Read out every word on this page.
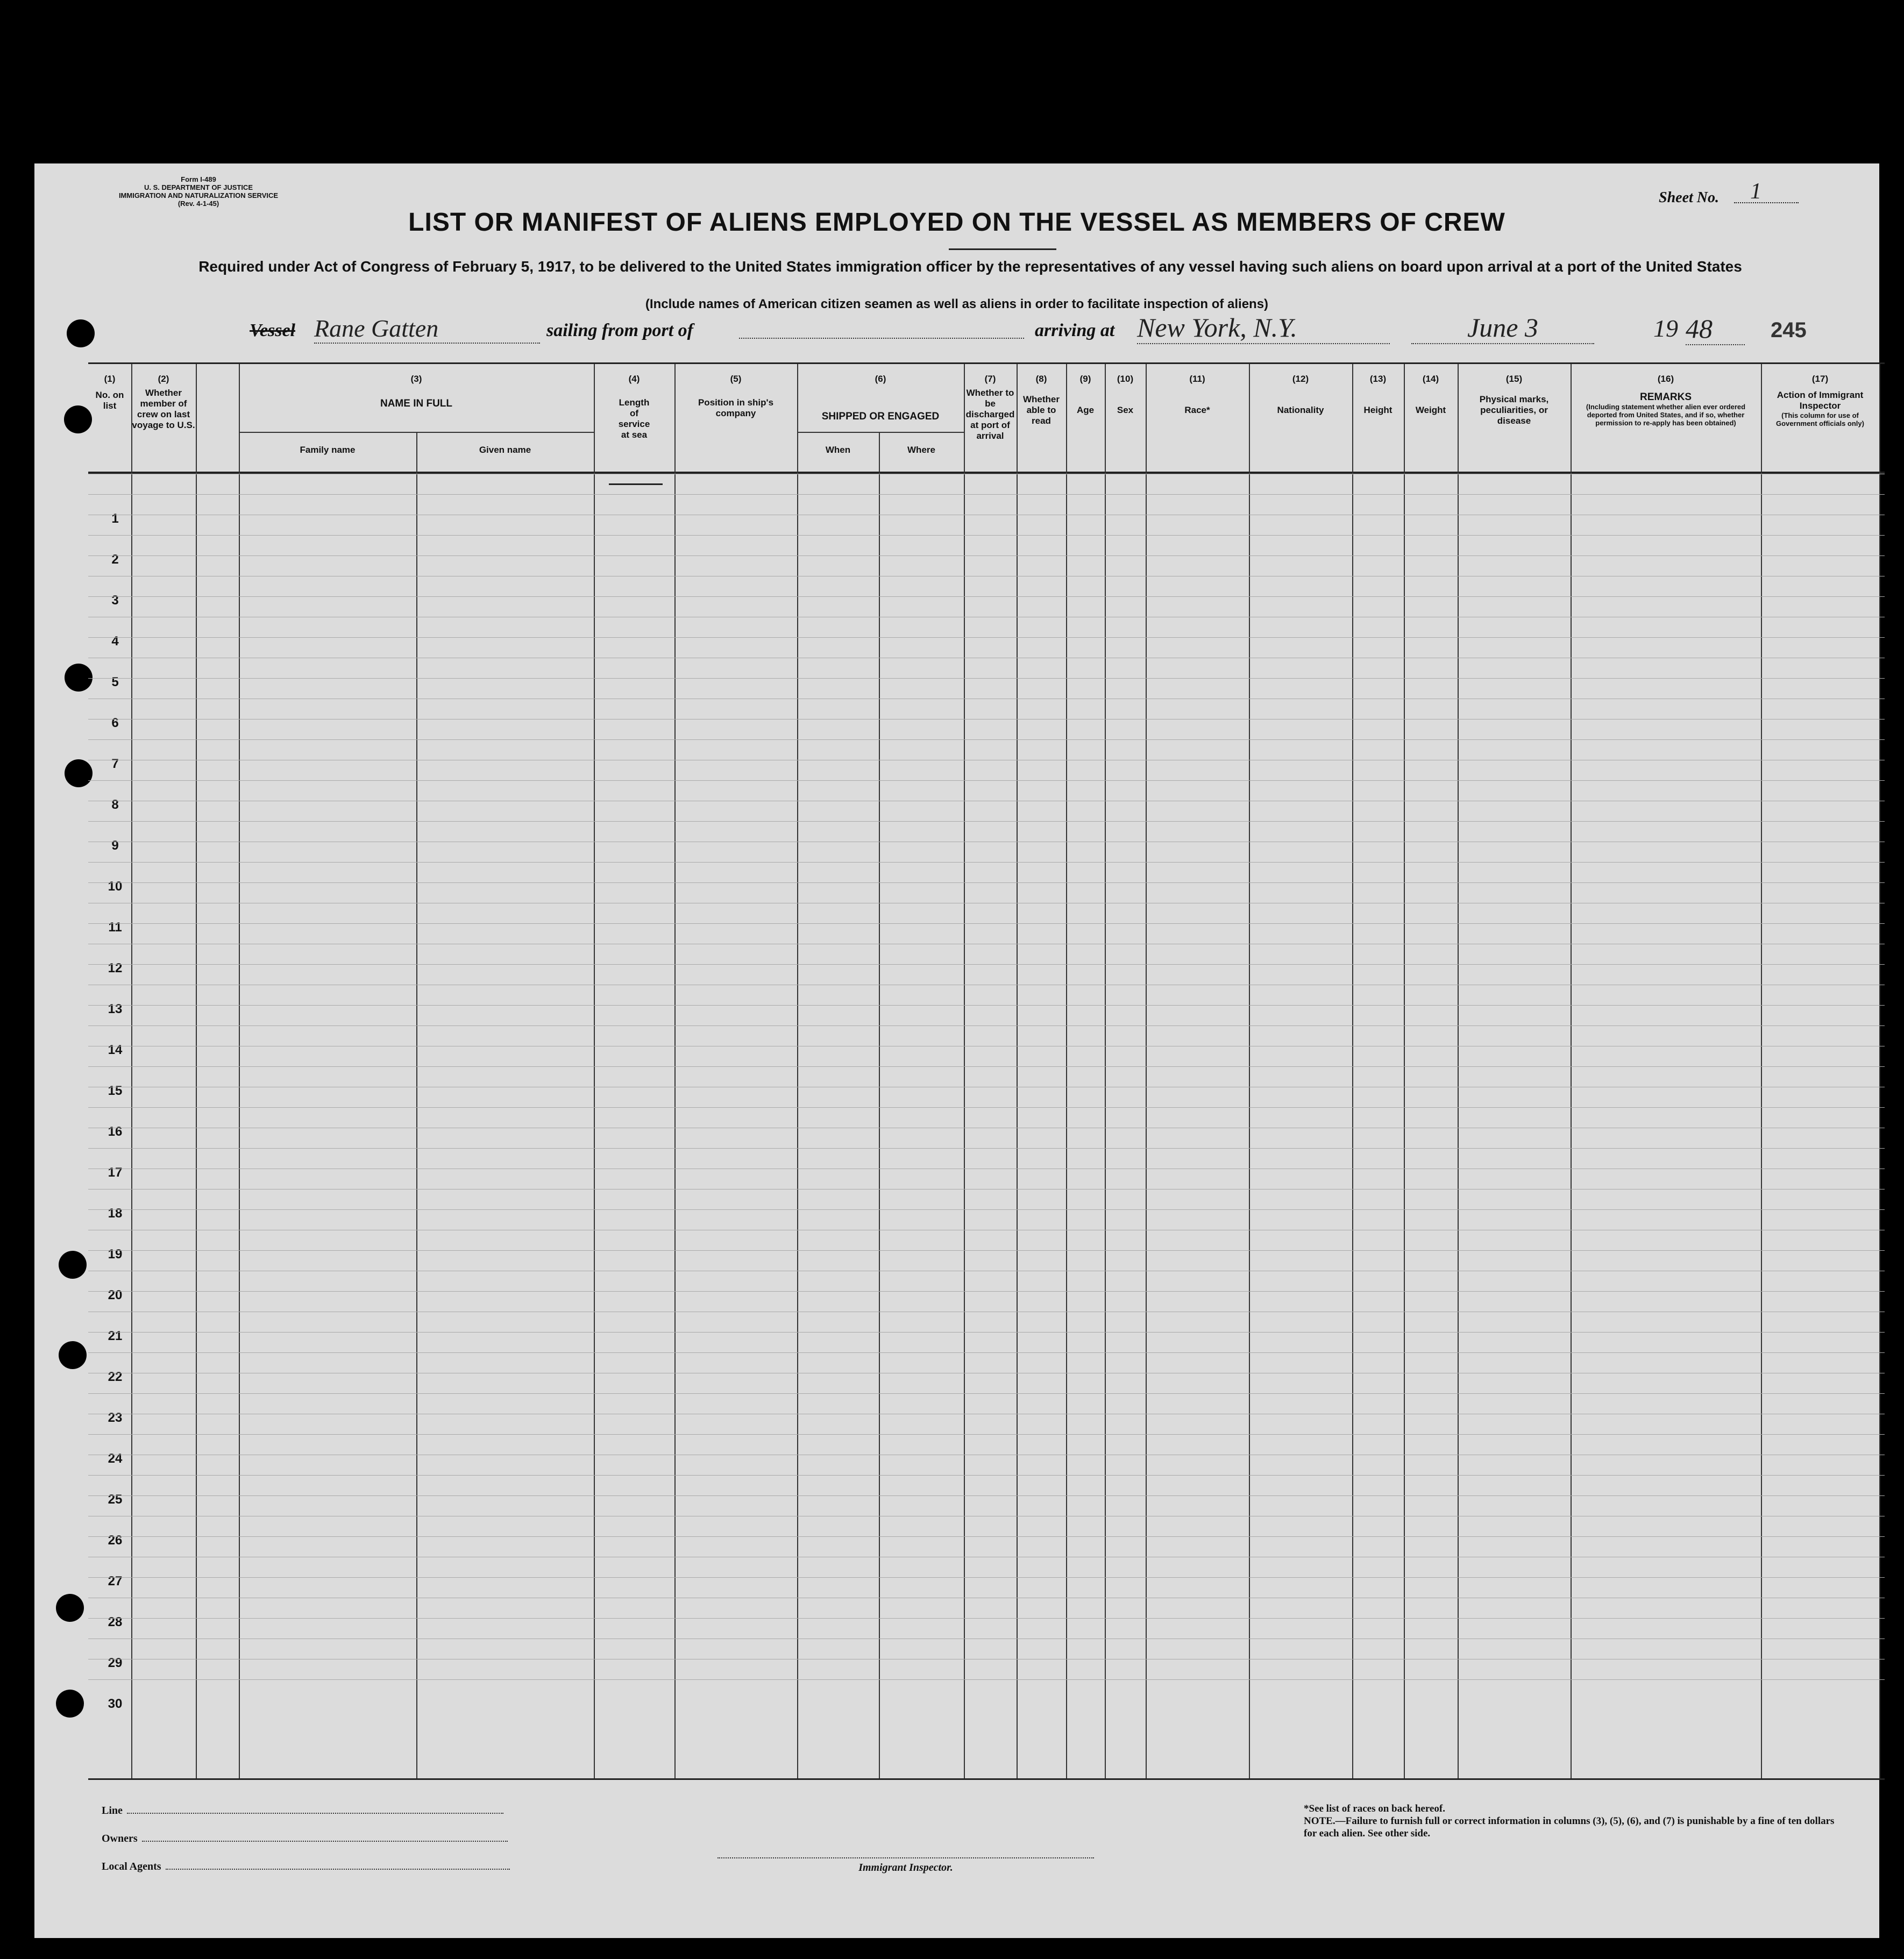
Form I-489
U. S. DEPARTMENT OF JUSTICE
IMMIGRATION AND NATURALIZATION SERVICE
(Rev. 4-1-45)	Sheet No. 1
LIST OR MANIFEST OF ALIENS EMPLOYED ON THE VESSEL AS MEMBERS OF CREW
Required under Act of Congress of February 5, 1917, to be delivered to the United States immigration officer by the representatives of any vessel having such aliens on board upon arrival at a port of the United States
(Include names of American citizen seamen as well as aliens in order to facilitate inspection of aliens)
Vessel Rane Gatten	sailing from port of	arriving at New York, N.Y.	June 3	19 48	245
(1)
No. on list
(2)
Whether member of crew on last voyage to U.S.
(3)
NAME IN FULL
Family name	Given name
(4)
Length of service at sea
(5)
Position in ship's company
(6)
SHIPPED OR ENGAGED
When	Where
(7)
Whether to be discharged at port of arrival
(8)
Whether able to read
(9)
Age
(10)
Sex
(11)
Race*
(12)
Nationality
(13)
Height
(14)
Weight
(15)
Physical marks, peculiarities, or disease
(16)
REMARKS
(Including statement whether alien ever ordered deported from United States, and if so, whether permission to re-apply has been obtained)
(17)
Action of Immigrant Inspector
(This column for use of Government officials only)
1
2
3
4
5
6
7
8
9
10
11
12
13
14
15
16
17
18
19
20
21
22
23
24
25
26
27
28
29
30
Line
Owners
Local Agents	Immigrant Inspector.
*See list of races on back hereof.
NOTE.—Failure to furnish full or correct information in columns (3), (5), (6), and (7) is punishable by a fine of ten dollars for each alien. See other side.
